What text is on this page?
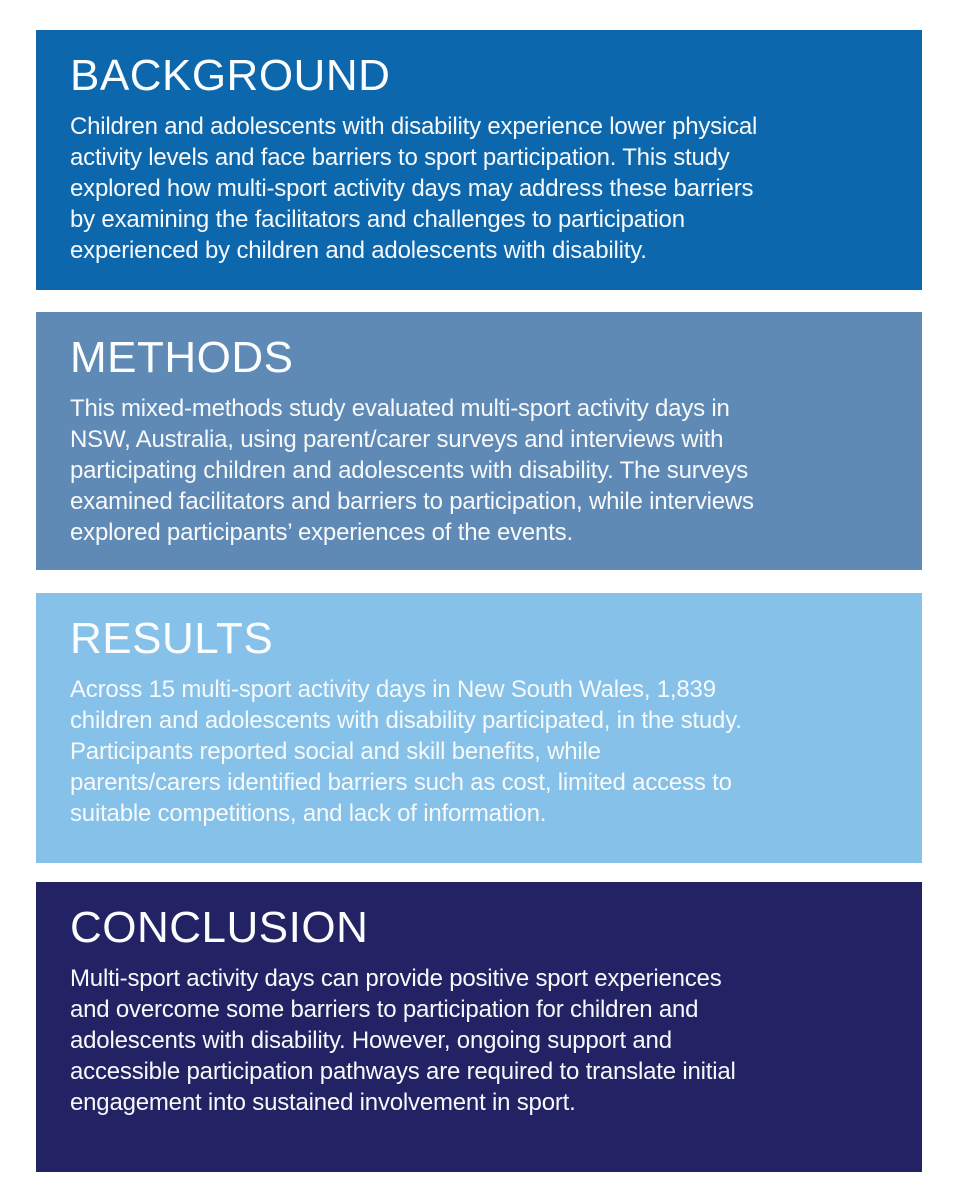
BACKGROUND
Children and adolescents with disability experience lower physical
activity levels and face barriers to sport participation. This study
explored how multi-sport activity days may address these barriers
by examining the facilitators and challenges to participation
experienced by children and adolescents with disability.
METHODS
This mixed-methods study evaluated multi-sport activity days in
NSW, Australia, using parent/carer surveys and interviews with
participating children and adolescents with disability. The surveys
examined facilitators and barriers to participation, while interviews
explored participants’ experiences of the events.
RESULTS
Across 15 multi-sport activity days in New South Wales, 1,839
children and adolescents with disability participated, in the study.
Participants reported social and skill benefits, while
parents/carers identified barriers such as cost, limited access to
suitable competitions, and lack of information.
CONCLUSION
Multi-sport activity days can provide positive sport experiences
and overcome some barriers to participation for children and
adolescents with disability. However, ongoing support and
accessible participation pathways are required to translate initial
engagement into sustained involvement in sport.
